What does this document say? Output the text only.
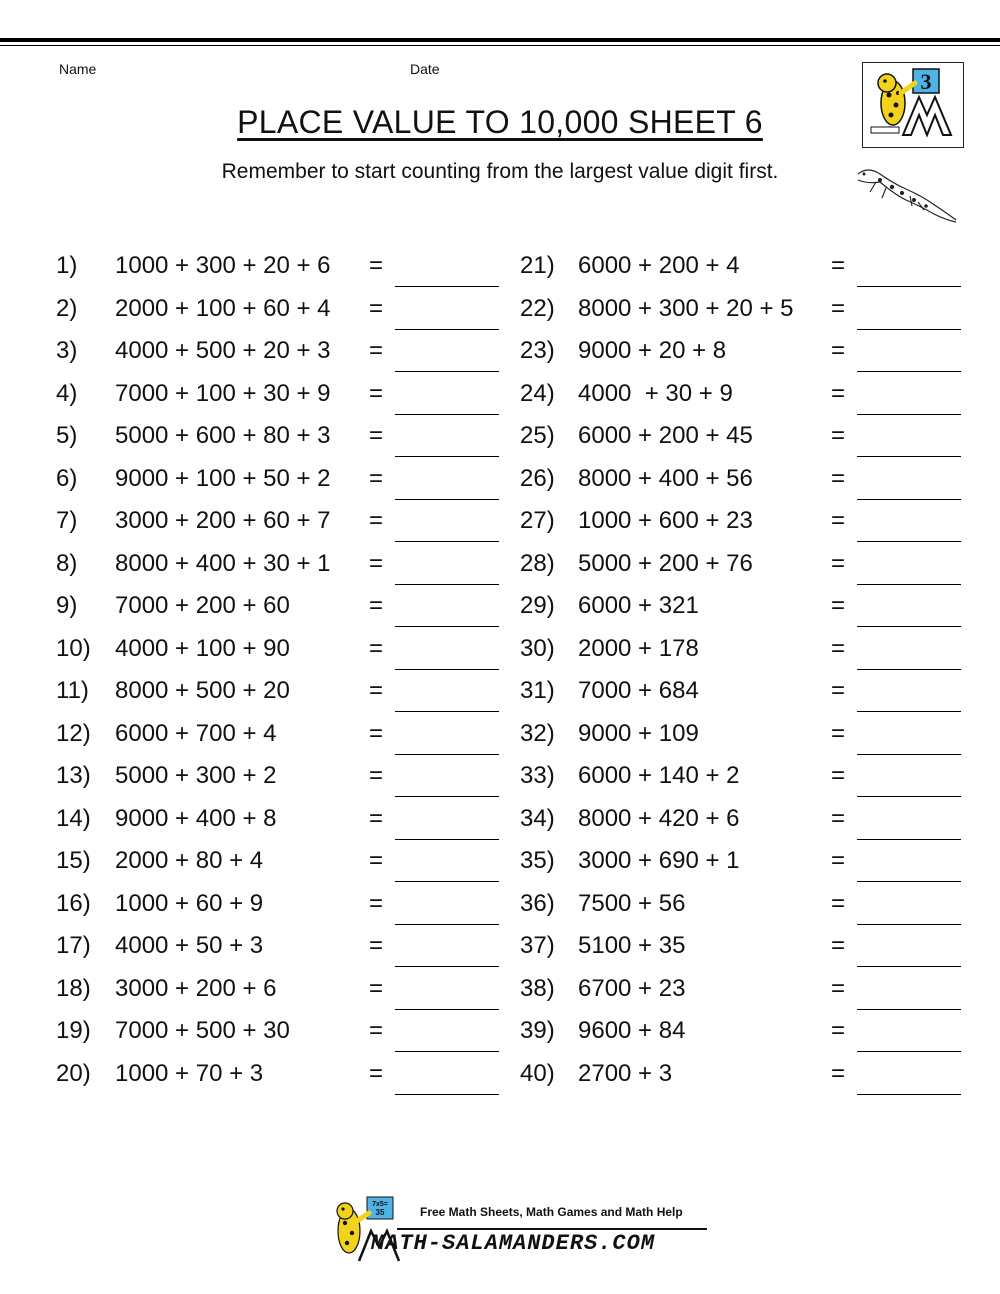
Name	Date	3
PLACE VALUE TO 10,000 SHEET 6
Remember to start counting from the largest value digit first.
1) 1000 + 300 + 20 + 6 =
2) 2000 + 100 + 60 + 4 =
3) 4000 + 500 + 20 + 3 =
4) 7000 + 100 + 30 + 9 =
5) 5000 + 600 + 80 + 3 =
6) 9000 + 100 + 50 + 2 =
7) 3000 + 200 + 60 + 7 =
8) 8000 + 400 + 30 + 1 =
9) 7000 + 200 + 60	=
10) 4000 + 100 + 90	=
11) 8000 + 500 + 20	=
12) 6000 + 700 + 4	=
13) 5000 + 300 + 2	=
14) 9000 + 400 + 8	=
15) 2000 + 80 + 4	=
16) 1000 + 60 + 9	=
17) 4000 + 50 + 3	=
18) 3000 + 200 + 6	=
19) 7000 + 500 + 30	=
20) 1000 + 70 + 3	=
21) 6000 + 200 + 4	=
22) 8000 + 300 + 20 + 5 =
23) 9000 + 20 + 8	=
24) 4000  + 30 + 9	=
25) 6000 + 200 + 45	=
26) 8000 + 400 + 56	=
27) 1000 + 600 + 23	=
28) 5000 + 200 + 76	=
29) 6000 + 321	=
30) 2000 + 178	=
31) 7000 + 684	=
32) 9000 + 109	=
33) 6000 + 140 + 2	=
34) 8000 + 420 + 6	=
35) 3000 + 690 + 1	=
36) 7500 + 56	=
37) 5100 + 35	=
38) 6700 + 23	=
39) 9600 + 84	=
40) 2700 + 3	=
7x5=
35	Free Math Sheets, Math Games and Math Help
MATH-SALAMANDERS.COM
